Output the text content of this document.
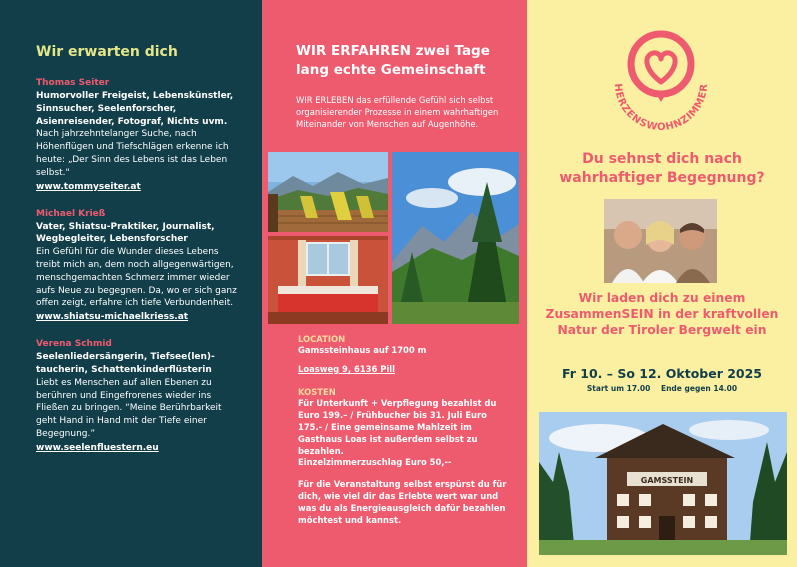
Wir erwarten dich
Thomas Seiter
Humorvoller Freigeist, Lebenskünstler, Sinnsucher, Seelenforscher, Asienreisender, Fotograf, Nichts uvm.
Nach jahrzehntelanger Suche, nach Höhenflügen und Tiefschlägen erkenne ich heute: „Der Sinn des Lebens ist das Leben selbst."
www.tommyseiter.at
Michael Krieß
Vater, Shiatsu-Praktiker, Journalist, Wegbegleiter, Lebensforscher
Ein Gefühl für die Wunder dieses Lebens treibt mich an, dem noch allgegenwärtigen, menschgemachten Schmerz immer wieder aufs Neue zu begegnen. Da, wo er sich ganz offen zeigt, erfahre ich tiefe Verbundenheit.
www.shiatsu-michaelkriess.at
Verena Schmid
Seelenliedersängerin, Tiefsee(len)-taucherin, Schattenkinderflüsterin
Liebt es Menschen auf allen Ebenen zu berühren und Eingefrorenes wieder ins Fließen zu bringen. “Meine Berührbarkeit geht Hand in Hand mit der Tiefe einer Begegnung.”
www.seelenfluestern.eu
WIR ERFAHREN zwei Tage lang echte Gemeinschaft

WIR ERLEBEN das erfüllende Gefühl sich selbst organisierender Prozesse in einem wahrhaftigen Miteinander von Menschen auf Augenhöhe.

LOCATION
Gamssteinhaus auf 1700 m
Loasweg 9, 6136 Pill
KOSTEN
Für Unterkunft + Verpflegung bezahlst du Euro 199.– / Frühbucher bis 31. Juli Euro 175.- / Eine gemeinsame Mahlzeit im Gasthaus Loas ist außerdem selbst zu bezahlen.
Einzelzimmerzuschlag Euro 50,--
Für die Veranstaltung selbst erspürst du für dich, wie viel dir das Erlebte wert war und was du als Energieausgleich dafür bezahlen möchtest und kannst.
HERZENSWOHNZIMMER
Du sehnst dich nach wahrhaftiger Begegnung?
Wir laden dich zu einem ZusammenSEIN in der kraftvollen Natur der Tiroler Bergwelt ein
Fr 10. – So 12. Oktober 2025
Start um 17.00 Ende gegen 14.00
GAMSSTEIN
